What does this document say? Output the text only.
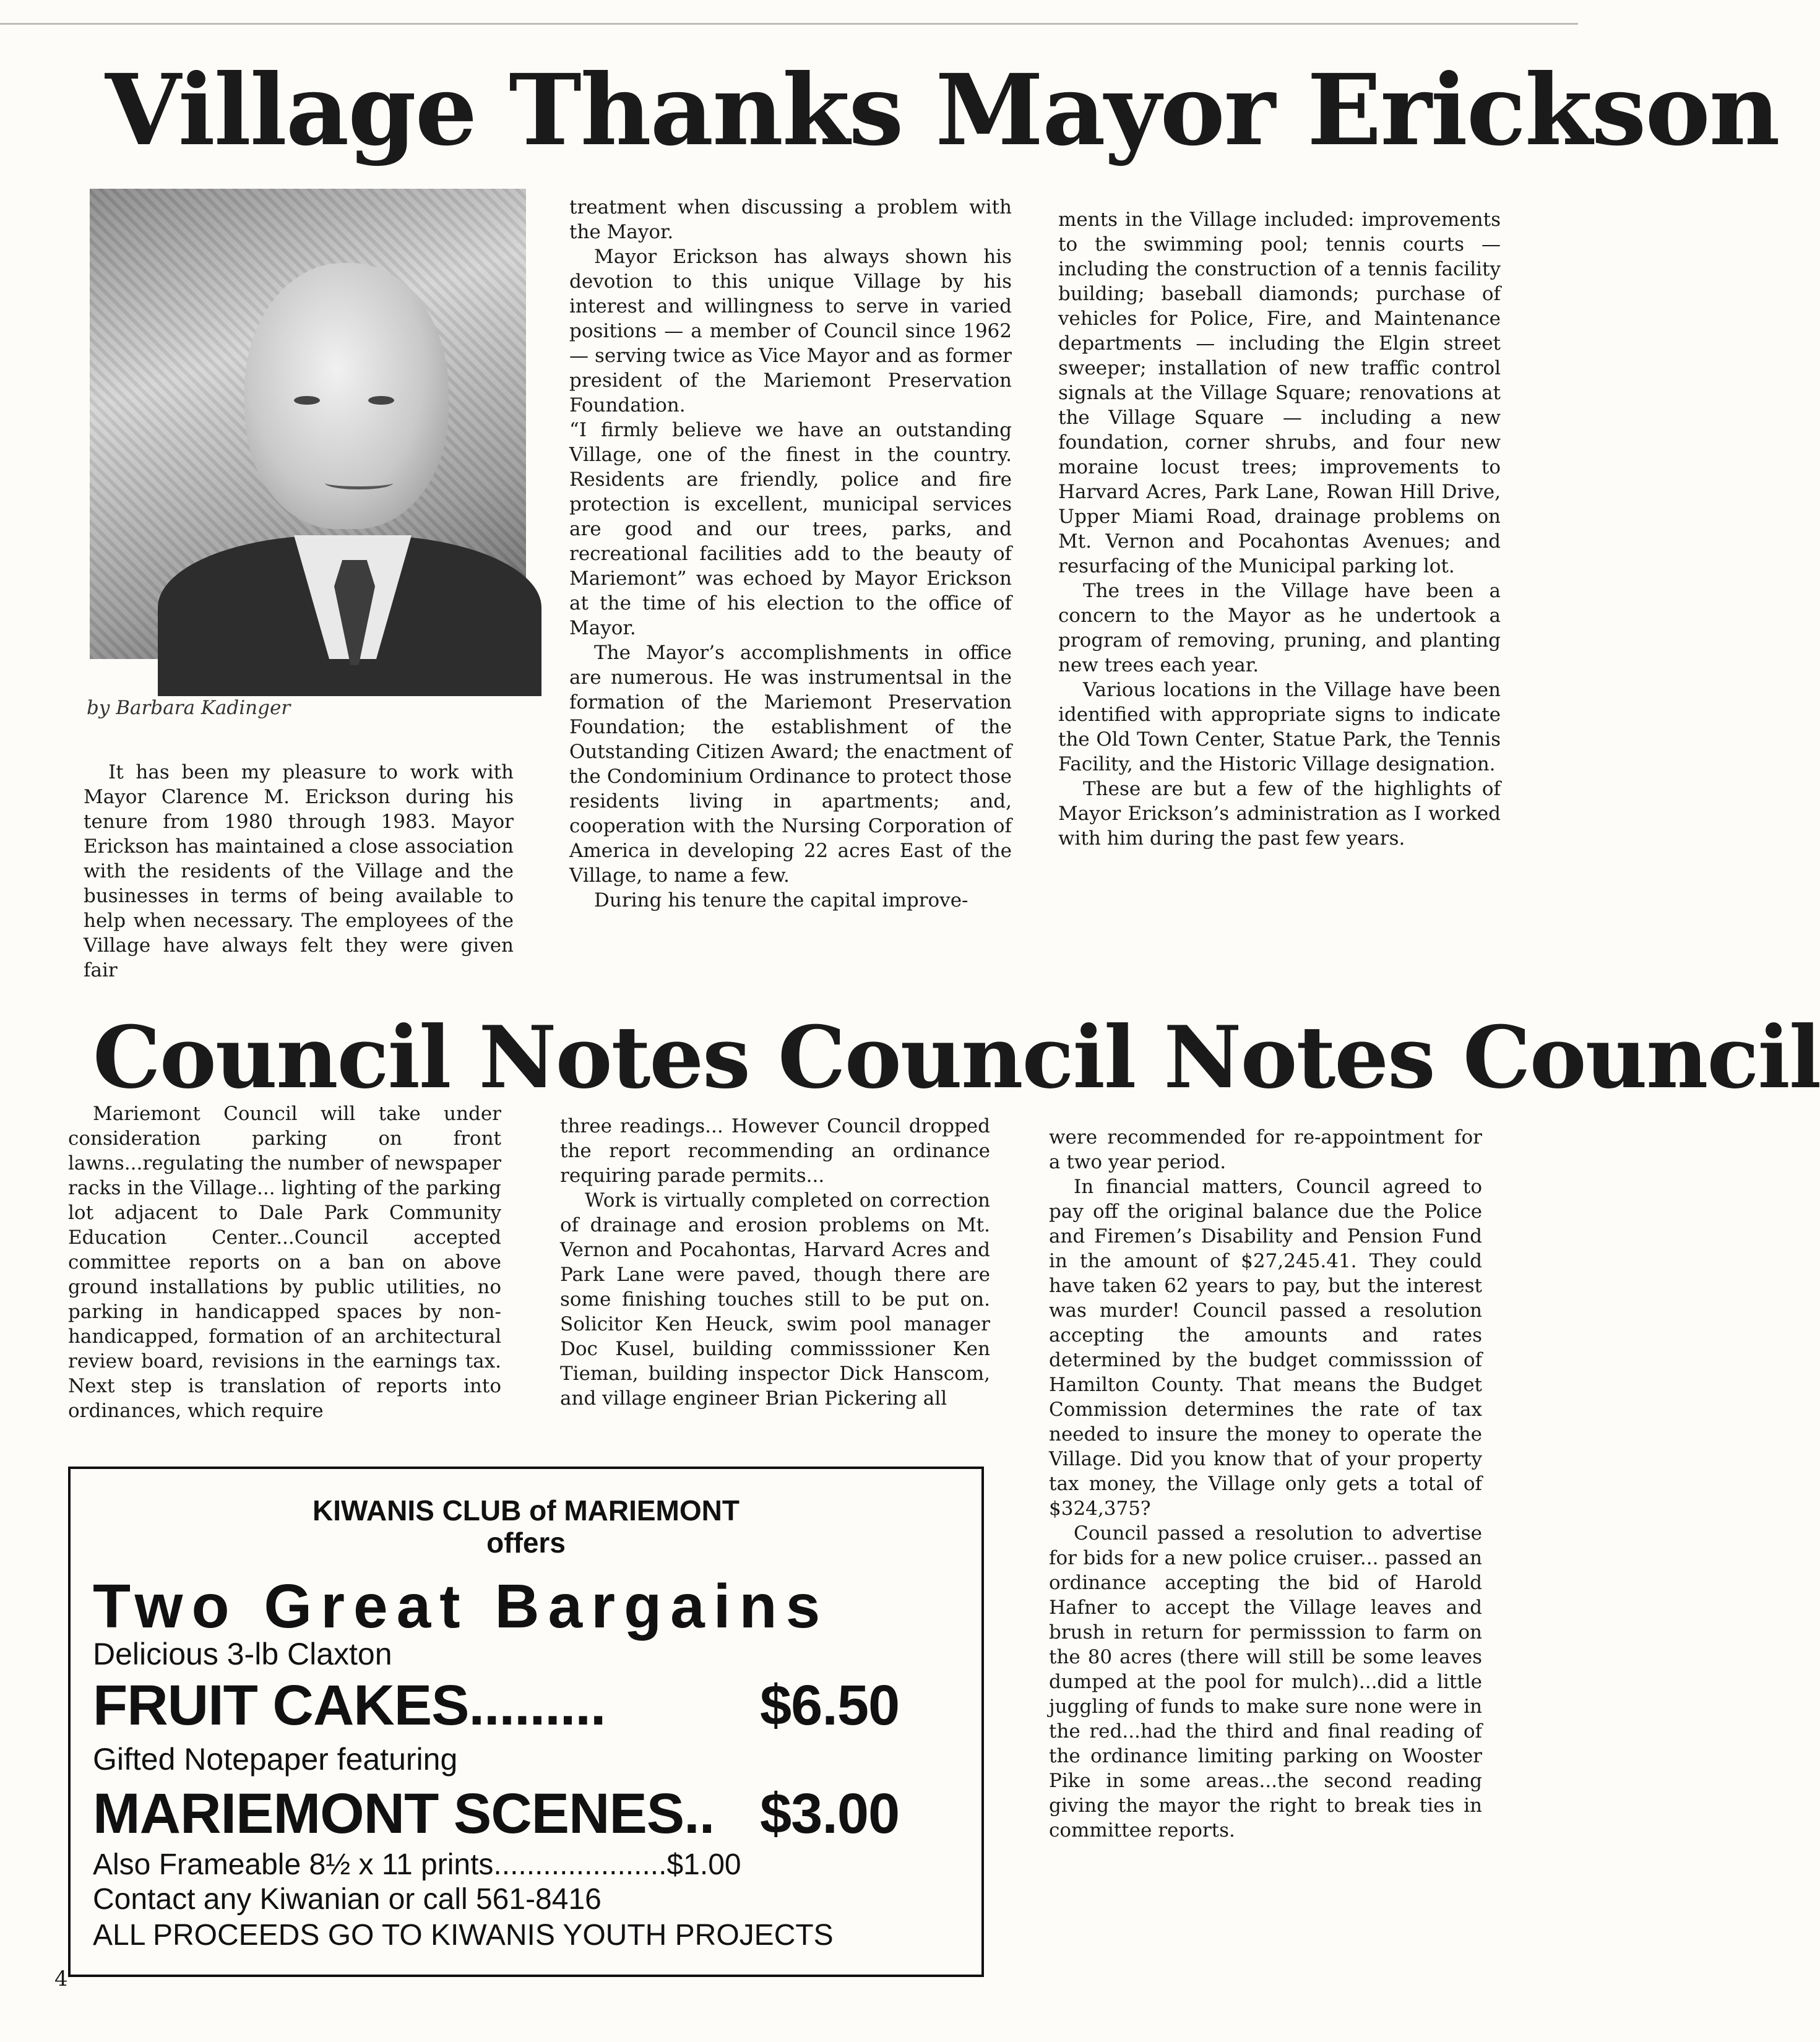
Village Thanks Mayor Erickson
by Barbara Kadinger

It has been my pleasure to work with Mayor Clarence M. Erickson during his tenure from 1980 through 1983. Mayor Erickson has maintained a close association with the residents of the Village and the businesses in terms of being available to help when necessary. The employees of the Village have always felt they were given fair

treatment when discussing a problem with the Mayor.

Mayor Erickson has always shown his devotion to this unique Village by his interest and willingness to serve in varied positions — a member of Council since 1962 — serving twice as Vice Mayor and as former president of the Mariemont Preservation Foundation.

“I firmly believe we have an outstanding Village, one of the finest in the country. Residents are friendly, police and fire protection is excellent, municipal services are good and our trees, parks, and recreational facilities add to the beauty of Mariemont” was echoed by Mayor Erickson at the time of his election to the office of Mayor.

The Mayor’s accomplishments in office are numerous. He was instrumentsal in the formation of the Mariemont Preservation Foundation; the establishment of the Outstanding Citizen Award; the enactment of the Condominium Ordinance to protect those residents living in apartments; and, cooperation with the Nursing Corporation of America in developing 22 acres East of the Village, to name a few.

During his tenure the capital improve-

ments in the Village included: improvements to the swimming pool; tennis courts — including the construction of a tennis facility building; baseball diamonds; purchase of vehicles for Police, Fire, and Maintenance departments — including the Elgin street sweeper; installation of new traffic control signals at the Village Square; renovations at the Village Square — including a new foundation, corner shrubs, and four new moraine locust trees; improvements to Harvard Acres, Park Lane, Rowan Hill Drive, Upper Miami Road, drainage problems on Mt. Vernon and Pocahontas Avenues; and resurfacing of the Municipal parking lot.

The trees in the Village have been a concern to the Mayor as he undertook a program of removing, pruning, and planting new trees each year.

Various locations in the Village have been identified with appropriate signs to indicate the Old Town Center, Statue Park, the Tennis Facility, and the Historic Village designation.

These are but a few of the highlights of Mayor Erickson’s administration as I worked with him during the past few years.

Council Notes Council Notes Council

Mariemont Council will take under consideration parking on front lawns...regulating the number of newspaper racks in the Village... lighting of the parking lot adjacent to Dale Park Community Education Center...Council accepted committee reports on a ban on above ground installations by public utilities, no parking in handicapped spaces by non-handicapped, formation of an architectural review board, revisions in the earnings tax. Next step is translation of reports into ordinances, which require

three readings... However Council dropped the report recommending an ordinance requiring parade permits...

Work is virtually completed on correction of drainage and erosion problems on Mt. Vernon and Pocahontas, Harvard Acres and Park Lane were paved, though there are some finishing touches still to be put on. Solicitor Ken Heuck, swim pool manager Doc Kusel, building commisssioner Ken Tieman, building inspector Dick Hanscom, and village engineer Brian Pickering all

were recommended for re-appointment for a two year period.

In financial matters, Council agreed to pay off the original balance due the Police and Firemen’s Disability and Pension Fund in the amount of $27,245.41. They could have taken 62 years to pay, but the interest was murder! Council passed a resolution accepting the amounts and rates determined by the budget commisssion of Hamilton County. That means the Budget Commission determines the rate of tax needed to insure the money to operate the Village. Did you know that of your property tax money, the Village only gets a total of $324,375?

Council passed a resolution to advertise for bids for a new police cruiser... passed an ordinance accepting the bid of Harold Hafner to accept the Village leaves and brush in return for permisssion to farm on the 80 acres (there will still be some leaves dumped at the pool for mulch)...did a little juggling of funds to make sure none were in the red...had the third and final reading of the ordinance limiting parking on Wooster Pike in some areas...the second reading giving the mayor the right to break ties in committee reports.

KIWANIS CLUB of MARIEMONT
offers
Two Great Bargains
Delicious 3-lb Claxton
FRUIT CAKES.........	$6.50
Gifted Notepaper featuring
MARIEMONT SCENES.. $3.00
Also Frameable 8½ x 11 prints.....................$1.00
Contact any Kiwanian or call 561-8416
ALL PROCEEDS GO TO KIWANIS YOUTH PROJECTS
4
